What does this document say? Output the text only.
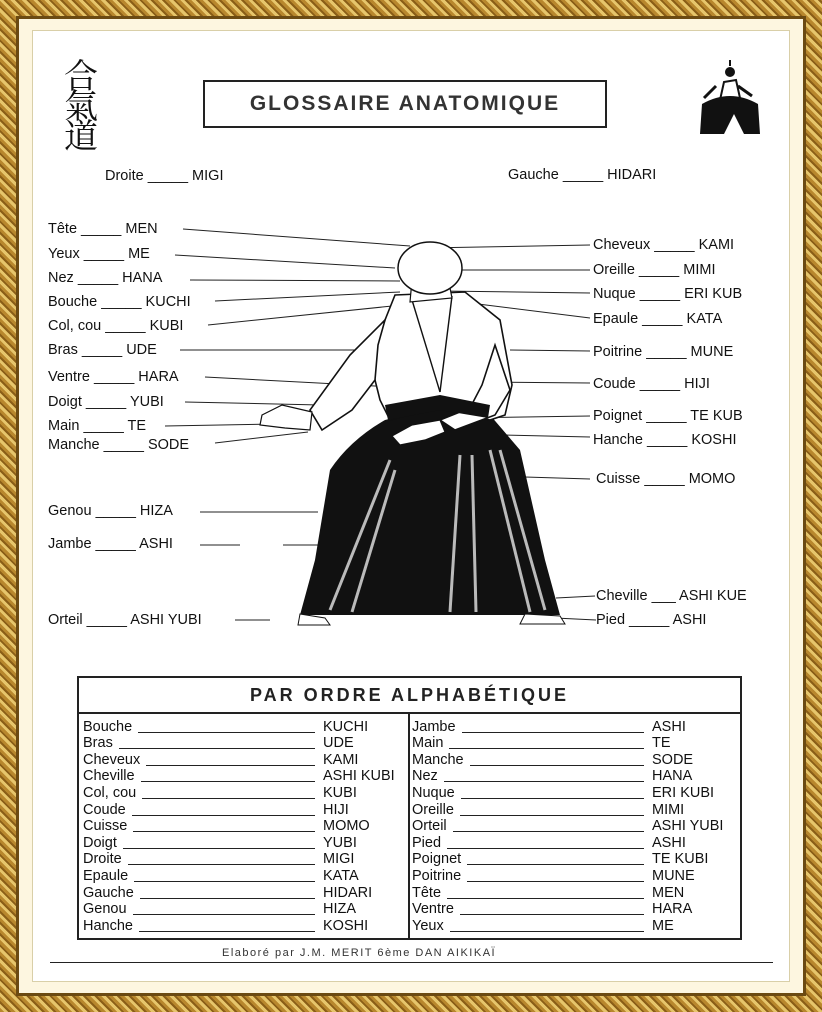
合
氣
道
GLOSSAIRE ANATOMIQUE
Droite _____ MIGI	Gauche _____ HIDARI
Tête _____ MEN
Yeux _____ ME
Nez _____ HANA
Bouche _____ KUCHI
Col, cou _____ KUBI
Bras _____ UDE
Ventre _____ HARA
Doigt _____ YUBI
Main _____ TE
Manche _____ SODE
Genou _____ HIZA
Jambe _____ ASHI
Orteil _____ ASHI YUBI
Cheveux _____ KAMI
Oreille _____ MIMI
Nuque _____ ERI KUB
Epaule _____ KATA
Poitrine _____ MUNE
Coude _____ HIJI
Poignet _____ TE KUB
Hanche _____ KOSHI
Cuisse _____ MOMO
Cheville ___ ASHI KUE
Pied _____ ASHI
PAR ORDRE ALPHABÉTIQUE
Bouche	KUCHI
Bras	UDE
Cheveux	KAMI
Cheville	ASHI KUBI
Col, cou	KUBI
Coude	HIJI
Cuisse	MOMO
Doigt	YUBI
Droite	MIGI
Epaule	KATA
Gauche	HIDARI
Genou	HIZA
Hanche	KOSHI
Jambe	ASHI
Main	TE
Manche	SODE
Nez	HANA
Nuque	ERI KUBI
Oreille	MIMI
Orteil	ASHI YUBI
Pied	ASHI
Poignet	TE KUBI
Poitrine	MUNE
Tête	MEN
Ventre	HARA
Yeux	ME
Elaboré par J.M. MERIT 6ème DAN AIKIKAÏ
